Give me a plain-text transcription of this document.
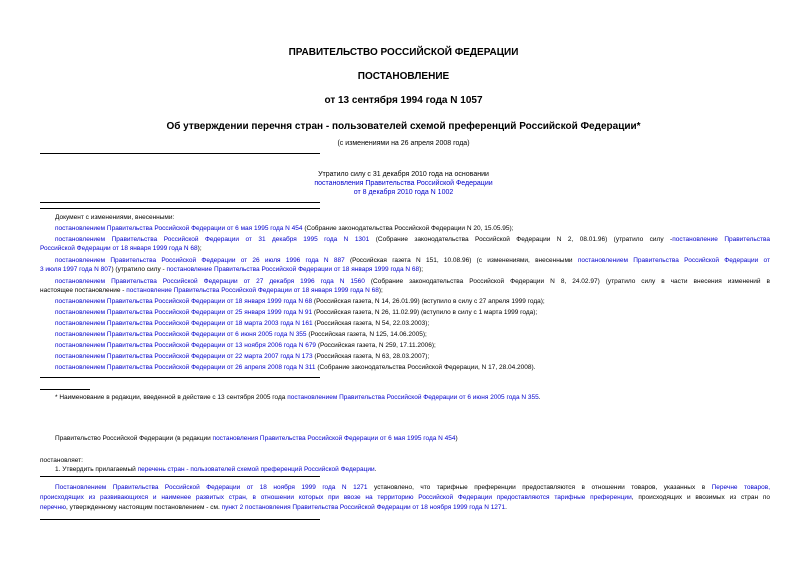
ПРАВИТЕЛЬСТВО РОССИЙСКОЙ ФЕДЕРАЦИИ
ПОСТАНОВЛЕНИЕ
от 13 сентября 1994 года N 1057
Об утверждении перечня стран - пользователей схемой преференций Российской Федерации*
(с изменениями на 26 апреля 2008 года)
Утратило силу с 31 декабря 2010 года на основании
постановления Правительства Российской Федерации
от 8 декабря 2010 года N 1002
Документ с изменениями, внесенными:
постановлением Правительства Российской Федерации от 6 мая 1995 года N 454 (Собрание законодательства Российской Федерации N 20, 15.05.95);
постановлением Правительства Российской Федерации от 31 декабря 1995 года N 1301 (Собрание законодательства Российской Федерации N 2, 08.01.96) (утратило силу -постановление Правительства
Российской Федерации от 18 января 1999 года N 68);
постановлением Правительства Российской Федерации от 26 июля 1996 года N 887 (Российская газета N 151, 10.08.96) (с изменениями, внесенными постановлением Правительства Российской Федерации от
3 июля 1997 года N 807) (утратило силу - постановление Правительства Российской Федерации от 18 января 1999 года N 68);
постановлением Правительства Российской Федерации от 27 декабря 1996 года N 1560 (Собрание законодательства Российской Федерации N 8, 24.02.97) (утратило силу в части внесения изменений в
настоящее постановление - постановление Правительства Российской Федерации от 18 января 1999 года N 68);
постановлением Правительства Российской Федерации от 18 января 1999 года N 68 (Российская газета, N 14, 26.01.99) (вступило в силу с 27 апреля 1999 года);
постановлением Правительства Российской Федерации от 25 января 1999 года N 91 (Российская газета, N 26, 11.02.99) (вступило в силу с 1 марта 1999 года);
постановлением Правительства Российской Федерации от 18 марта 2003 года N 161 (Российская газета, N 54, 22.03.2003);
постановлением Правительства Российской Федерации от 6 июня 2005 года N 355 (Российская газета, N 125, 14.06.2005);
постановлением Правительства Российской Федерации от 13 ноября 2006 года N 679 (Российская газета, N 259, 17.11.2006);
постановлением Правительства Российской Федерации от 22 марта 2007 года N 173 (Российская газета, N 63, 28.03.2007);
постановлением Правительства Российской Федерации от 26 апреля 2008 года N 311 (Собрание законодательства Российской Федерации, N 17, 28.04.2008).
* Наименование в редакции, введенной в действие с 13 сентября 2005 года постановлением Правительства Российской Федерации от 6 июня 2005 года N 355.
Правительство Российской Федерации (в редакции постановления Правительства Российской Федерации от 6 мая 1995 года N 454)
постановляет:
1. Утвердить прилагаемый перечень стран - пользователей схемой преференций Российской Федерации.
Постановлением Правительства Российской Федерации от 18 ноября 1999 года N 1271 установлено, что тарифные преференции предоставляются в отношении товаров, указанных в Перечне товаров,
происходящих из развивающихся и наименее развитых стран, в отношении которых при ввозе на территорию Российской Федерации предоставляются тарифные преференции, происходящих и ввозимых из стран по
перечню, утвержденному настоящим постановлением - см. пункт 2 постановления Правительства Российской Федерации от 18 ноября 1999 года N 1271.
